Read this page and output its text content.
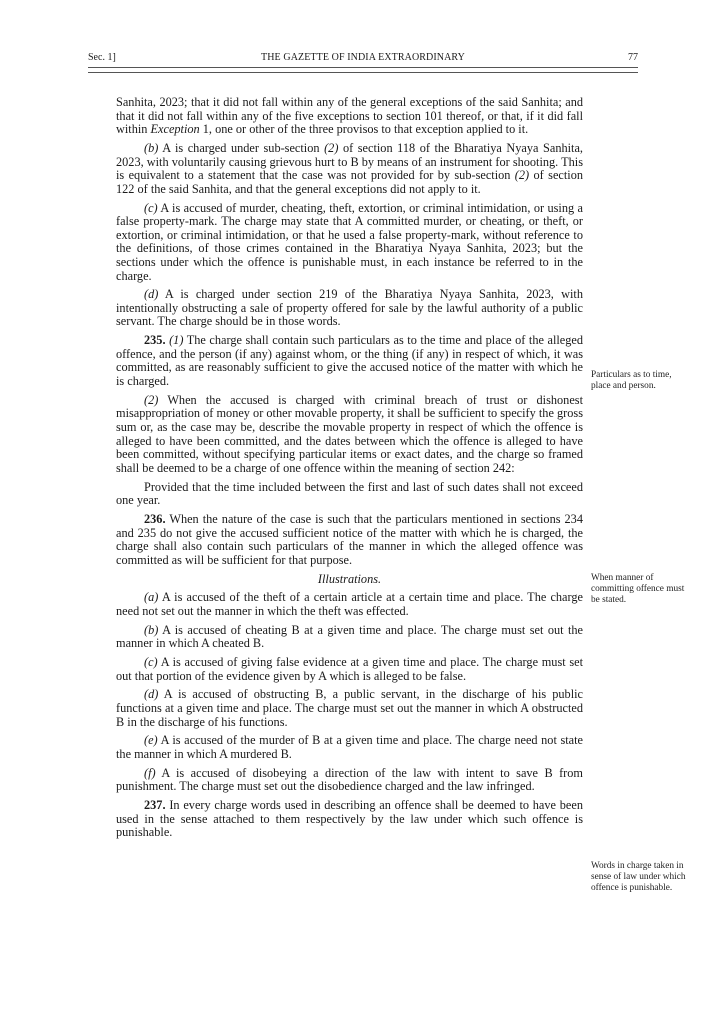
Sec. 1]	THE GAZETTE OF INDIA EXTRAORDINARY	77

Sanhita, 2023; that it did not fall within any of the general exceptions of the said Sanhita; and that it did not fall within any of the five exceptions to section 101 thereof, or that, if it did fall within Exception 1, one or other of the three provisos to that exception applied to it.

(b) A is charged under sub-section (2) of section 118 of the Bharatiya Nyaya Sanhita, 2023, with voluntarily causing grievous hurt to B by means of an instrument for shooting. This is equivalent to a statement that the case was not provided for by sub-section (2) of section 122 of the said Sanhita, and that the general exceptions did not apply to it.

(c) A is accused of murder, cheating, theft, extortion, or criminal intimidation, or using a false property-mark. The charge may state that A committed murder, or cheating, or theft, or extortion, or criminal intimidation, or that he used a false property-mark, without reference to the definitions, of those crimes contained in the Bharatiya Nyaya Sanhita, 2023; but the sections under which the offence is punishable must, in each instance be referred to in the charge.

(d) A is charged under section 219 of the Bharatiya Nyaya Sanhita, 2023, with intentionally obstructing a sale of property offered for sale by the lawful authority of a public servant. The charge should be in those words.

235. (1) The charge shall contain such particulars as to the time and place of the alleged offence, and the person (if any) against whom, or the thing (if any) in respect of which, it was committed, as are reasonably sufficient to give the accused notice of the matter with which he is charged.

(2) When the accused is charged with criminal breach of trust or dishonest misappropriation of money or other movable property, it shall be sufficient to specify the gross sum or, as the case may be, describe the movable property in respect of which the offence is alleged to have been committed, and the dates between which the offence is alleged to have been committed, without specifying particular items or exact dates, and the charge so framed shall be deemed to be a charge of one offence within the meaning of section 242:

Provided that the time included between the first and last of such dates shall not exceed one year.

236. When the nature of the case is such that the particulars mentioned in sections 234 and 235 do not give the accused sufficient notice of the matter with which he is charged, the charge shall also contain such particulars of the manner in which the alleged offence was committed as will be sufficient for that purpose.

Illustrations.

(a) A is accused of the theft of a certain article at a certain time and place. The charge need not set out the manner in which the theft was effected.

(b) A is accused of cheating B at a given time and place. The charge must set out the manner in which A cheated B.

(c) A is accused of giving false evidence at a given time and place. The charge must set out that portion of the evidence given by A which is alleged to be false.

(d) A is accused of obstructing B, a public servant, in the discharge of his public functions at a given time and place. The charge must set out the manner in which A obstructed B in the discharge of his functions.

(e) A is accused of the murder of B at a given time and place. The charge need not state the manner in which A murdered B.

(f) A is accused of disobeying a direction of the law with intent to save B from punishment. The charge must set out the disobedience charged and the law infringed.

237. In every charge words used in describing an offence shall be deemed to have been used in the sense attached to them respectively by the law under which such offence is punishable.

Particulars as to time, place and person.

When manner of committing offence must be stated.

Words in charge taken in sense of law under which offence is punishable.
